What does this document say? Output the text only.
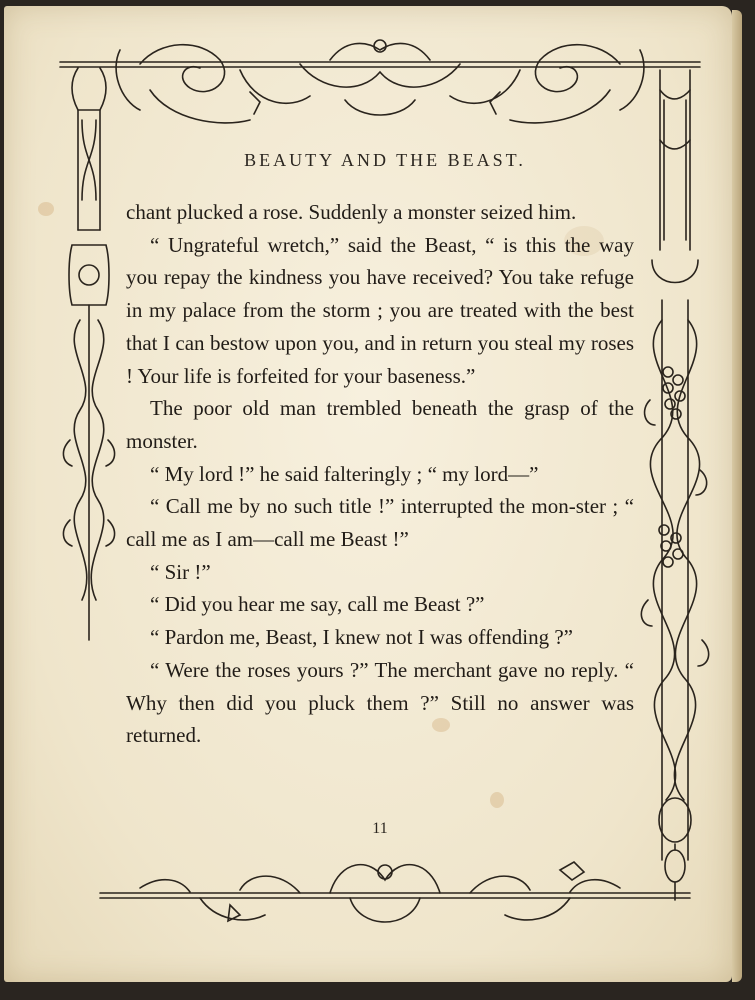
BEAUTY AND THE BEAST.

chant plucked a rose. Suddenly a monster seized him.

“ Ungrateful wretch,” said the Beast, “ is this the way you repay the kindness you have received? You take refuge in my palace from the storm ; you are treated with the best that I can bestow upon you, and in return you steal my roses ! Your life is forfeited for your baseness.”

The poor old man trembled beneath the grasp of the monster.

“ My lord !” he said falteringly ; “ my lord—”

“ Call me by no such title !” interrupted the mon-ster ; “ call me as I am—call me Beast !”

“ Sir !”

“ Did you hear me say, call me Beast ?”

“ Pardon me, Beast, I knew not I was offending ?”

“ Were the roses yours ?” The merchant gave no reply. “ Why then did you pluck them ?” Still no answer was returned.

11
